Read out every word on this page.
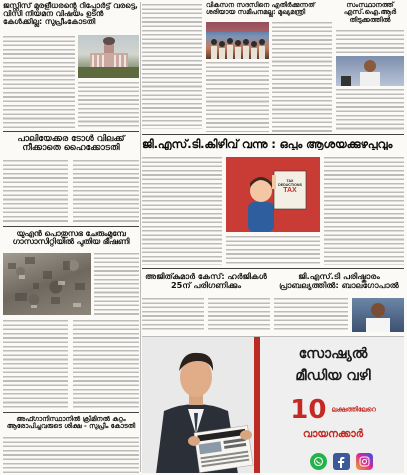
ജസ്റ്റിസ് മുരളീധരൻ്റെ റിപ്പോർട്ട് വരട്ടെ, വിസി നിയമന വിഷയം ഉടൻ കേൾക്കില്ല: സുപ്രീംകോടതി
പാലിയേക്കര ടോൾ വിലക്ക് നീക്കാതെ ഹൈക്കോടതി
യുഎൻ പൊതുസഭ ചേരുംമുമ്പേ ഗാസാസിറ്റിയിൽ പുതിയ ഭീഷണി
അഫ്ഗാനിസ്ഥാനിൽ ക്രിമിനൽ കുറ്റം ആരോപിച്ചവരുടെ ശിക്ഷ - സുപ്രീം കോടതി
വികസന സദസിനെ എതിർക്കുന്നത് ശരിയായ സമീപനമല്ല: മുഖ്യമന്ത്രി
സംസ്ഥാനത്ത് എസ്.ഐ.ആർ തിടുക്കത്തിൽ
ജി.എസ്.ടി.കിഴിവ് വന്നു : ഒപ്പം ആശയക്കുഴപ്പവും
TAX DEDUCTIONS
TAX
അജിത്കുമാർ കേസ്: ഹർജികൾ 25ന് പരിഗണിക്കും
ജി.എസ്.ടി പരിഷ്കാരം പ്രാബല്യത്തിൽ: ബാലഗോപാൽ
സോഷ്യൽ
മീഡിയ വഴി
10 ലക്ഷത്തിലേറെ
വായനക്കാർ
